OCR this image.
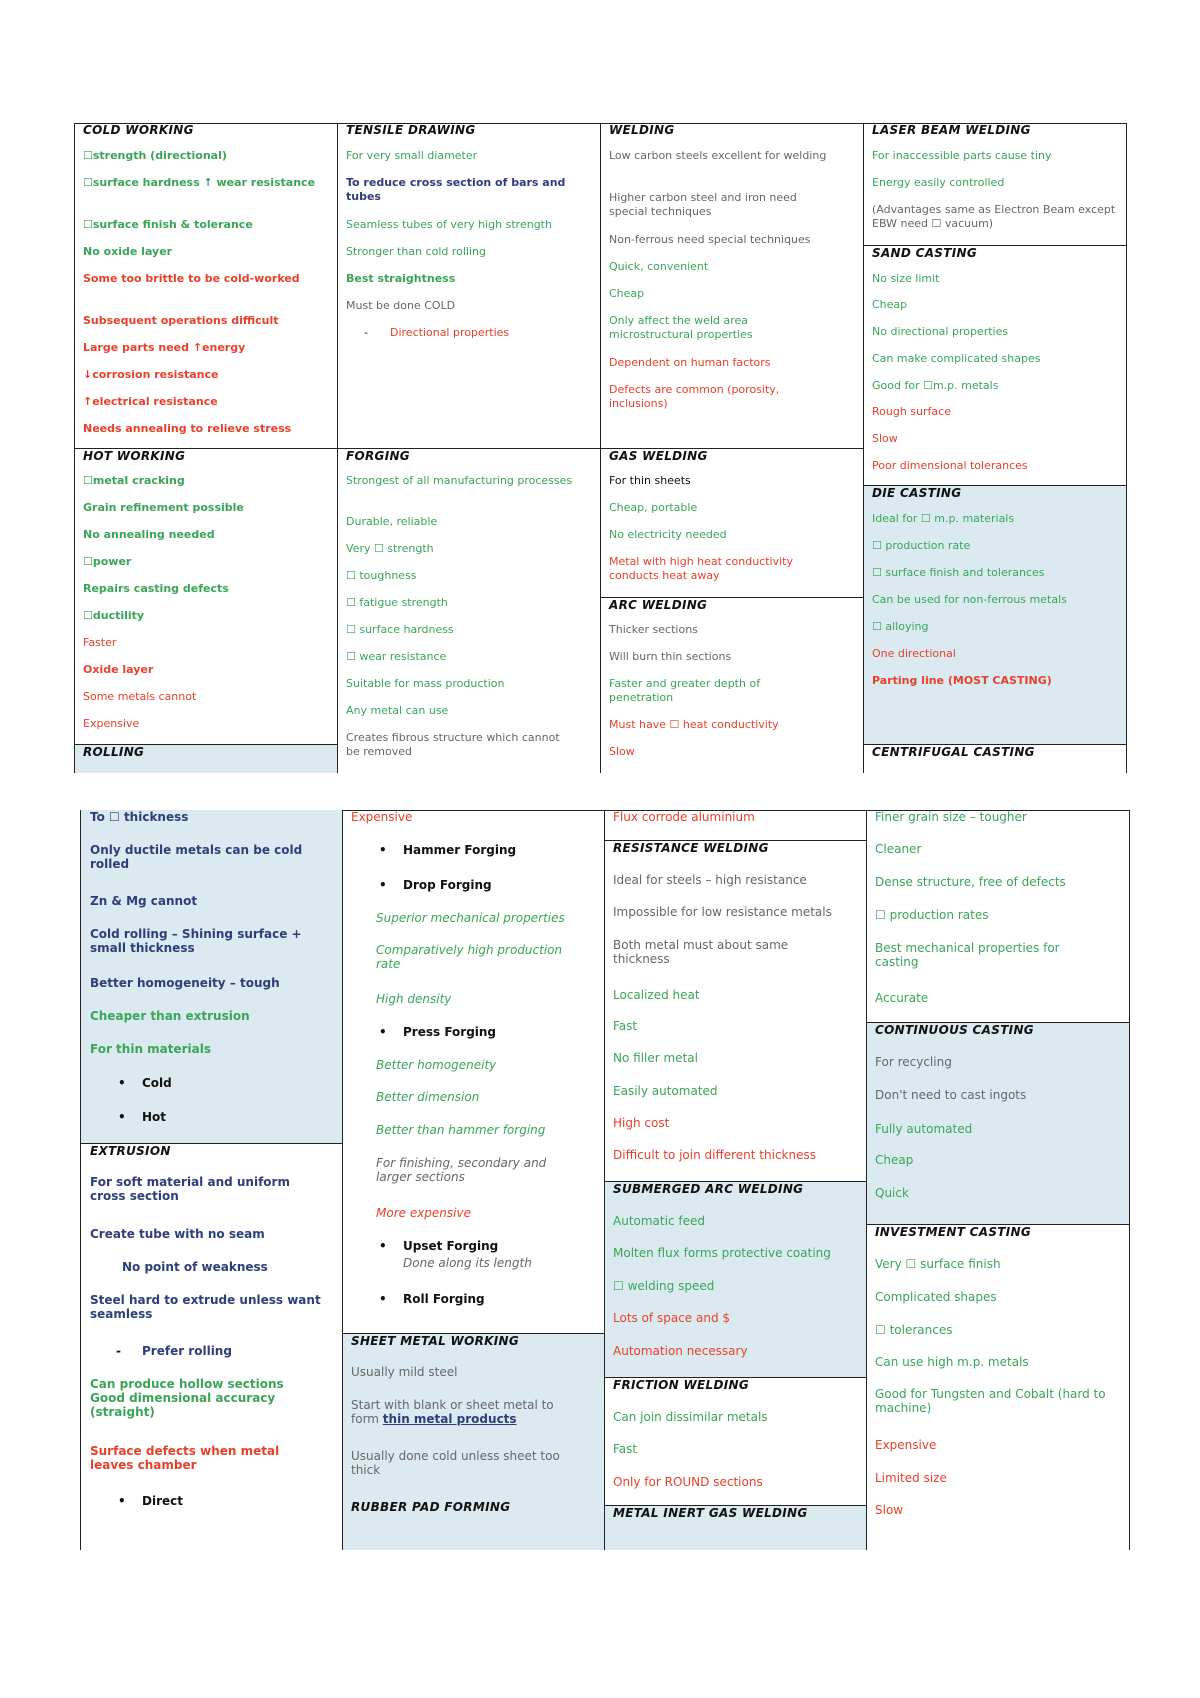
COLD WORKING
☐strength (directional)
☐surface hardness ↑ wear resistance
☐surface finish & tolerance
No oxide layer
Some too brittle to be cold-worked
Subsequent operations difficult
Large parts need ↑energy
↓corrosion resistance
↑electrical resistance
Needs annealing to relieve stress
HOT WORKING
☐metal cracking
Grain refinement possible
No annealing needed
☐power
Repairs casting defects
☐ductility
Faster
Oxide layer
Some metals cannot
Expensive
ROLLING
TENSILE DRAWING
For very small diameter
To reduce cross section of bars and tubes
Seamless tubes of very high strength
Stronger than cold rolling
Best straightness
Must be done COLD
- Directional properties
FORGING
Strongest of all manufacturing processes
Durable, reliable
Very ☐ strength
☐ toughness
☐ fatigue strength
☐ surface hardness
☐ wear resistance
Suitable for mass production
Any metal can use
Creates fibrous structure which cannot be removed
WELDING
Low carbon steels excellent for welding
Higher carbon steel and iron need special techniques
Non-ferrous need special techniques
Quick, convenient
Cheap
Only affect the weld area microstructural properties
Dependent on human factors
Defects are common (porosity, inclusions)
GAS WELDING
For thin sheets
Cheap, portable
No electricity needed
Metal with high heat conductivity conducts heat away
ARC WELDING
Thicker sections
Will burn thin sections
Faster and greater depth of penetration
Must have ☐ heat conductivity
Slow
LASER BEAM WELDING
For inaccessible parts cause tiny
Energy easily controlled
(Advantages same as Electron Beam except EBW need ☐ vacuum)
SAND CASTING
No size limit
Cheap
No directional properties
Can make complicated shapes
Good for ☐m.p. metals
Rough surface
Slow
Poor dimensional tolerances
DIE CASTING
Ideal for ☐ m.p. materials
☐ production rate
☐ surface finish and tolerances
Can be used for non-ferrous metals
☐ alloying
One directional
Parting line (MOST CASTING)
CENTRIFUGAL CASTING
To ☐ thickness
Only ductile metals can be cold rolled
Zn & Mg cannot
Cold rolling – Shining surface + small thickness
Better homogeneity – tough
Cheaper than extrusion
For thin materials
• Cold
• Hot
EXTRUSION
For soft material and uniform cross section
Create tube with no seam
No point of weakness
Steel hard to extrude unless want seamless
- Prefer rolling
Can produce hollow sections Good dimensional accuracy (straight)
Surface defects when metal leaves chamber
• Direct
Expensive
• Hammer Forging
• Drop Forging
Superior mechanical properties
Comparatively high production rate
High density
• Press Forging
Better homogeneity
Better dimension
Better than hammer forging
For finishing, secondary and larger sections
More expensive
• Upset Forging
Done along its length
• Roll Forging
SHEET METAL WORKING
Usually mild steel
Start with blank or sheet metal to form thin metal products
Usually done cold unless sheet too thick
RUBBER PAD FORMING
Flux corrode aluminium
RESISTANCE WELDING
Ideal for steels – high resistance
Impossible for low resistance metals
Both metal must about same thickness
Localized heat
Fast
No filler metal
Easily automated
High cost
Difficult to join different thickness
SUBMERGED ARC WELDING
Automatic feed
Molten flux forms protective coating
☐ welding speed
Lots of space and $
Automation necessary
FRICTION WELDING
Can join dissimilar metals
Fast
Only for ROUND sections
METAL INERT GAS WELDING
Finer grain size – tougher
Cleaner
Dense structure, free of defects
☐ production rates
Best mechanical properties for casting
Accurate
CONTINUOUS CASTING
For recycling
Don't need to cast ingots
Fully automated
Cheap
Quick
INVESTMENT CASTING
Very ☐ surface finish
Complicated shapes
☐ tolerances
Can use high m.p. metals
Good for Tungsten and Cobalt (hard to machine)
Expensive
Limited size
Slow
